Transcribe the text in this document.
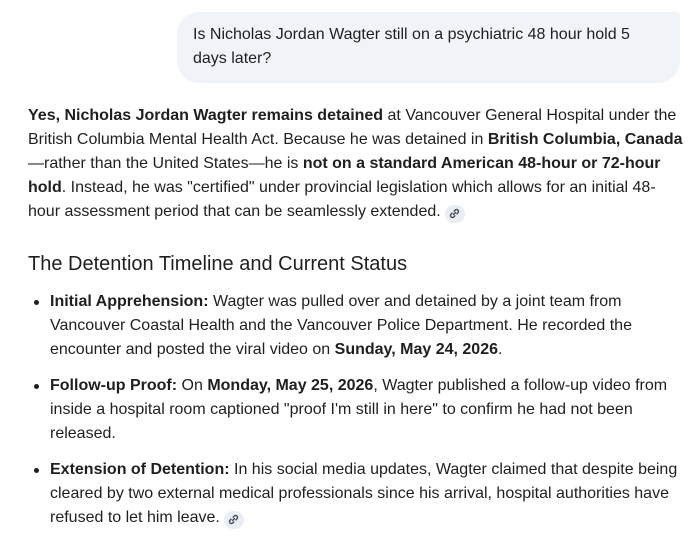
Is Nicholas Jordan Wagter still on a psychiatric 48 hour hold 5 days later?

Yes, Nicholas Jordan Wagter remains detained at Vancouver General Hospital under the British Columbia Mental Health Act. Because he was detained in British Columbia, Canada—rather than the United States—he is not on a standard American 48-hour or 72-hour hold. Instead, he was "certified" under provincial legislation which allows for an initial 48-hour assessment period that can be seamlessly extended.

The Detention Timeline and Current Status
Initial Apprehension: Wagter was pulled over and detained by a joint team from Vancouver Coastal Health and the Vancouver Police Department. He recorded the encounter and posted the viral video on Sunday, May 24, 2026.
Follow-up Proof: On Monday, May 25, 2026, Wagter published a follow-up video from inside a hospital room captioned "proof I'm still in here" to confirm he had not been released.
Extension of Detention: In his social media updates, Wagter claimed that despite being cleared by two external medical professionals since his arrival, hospital authorities have refused to let him leave.
